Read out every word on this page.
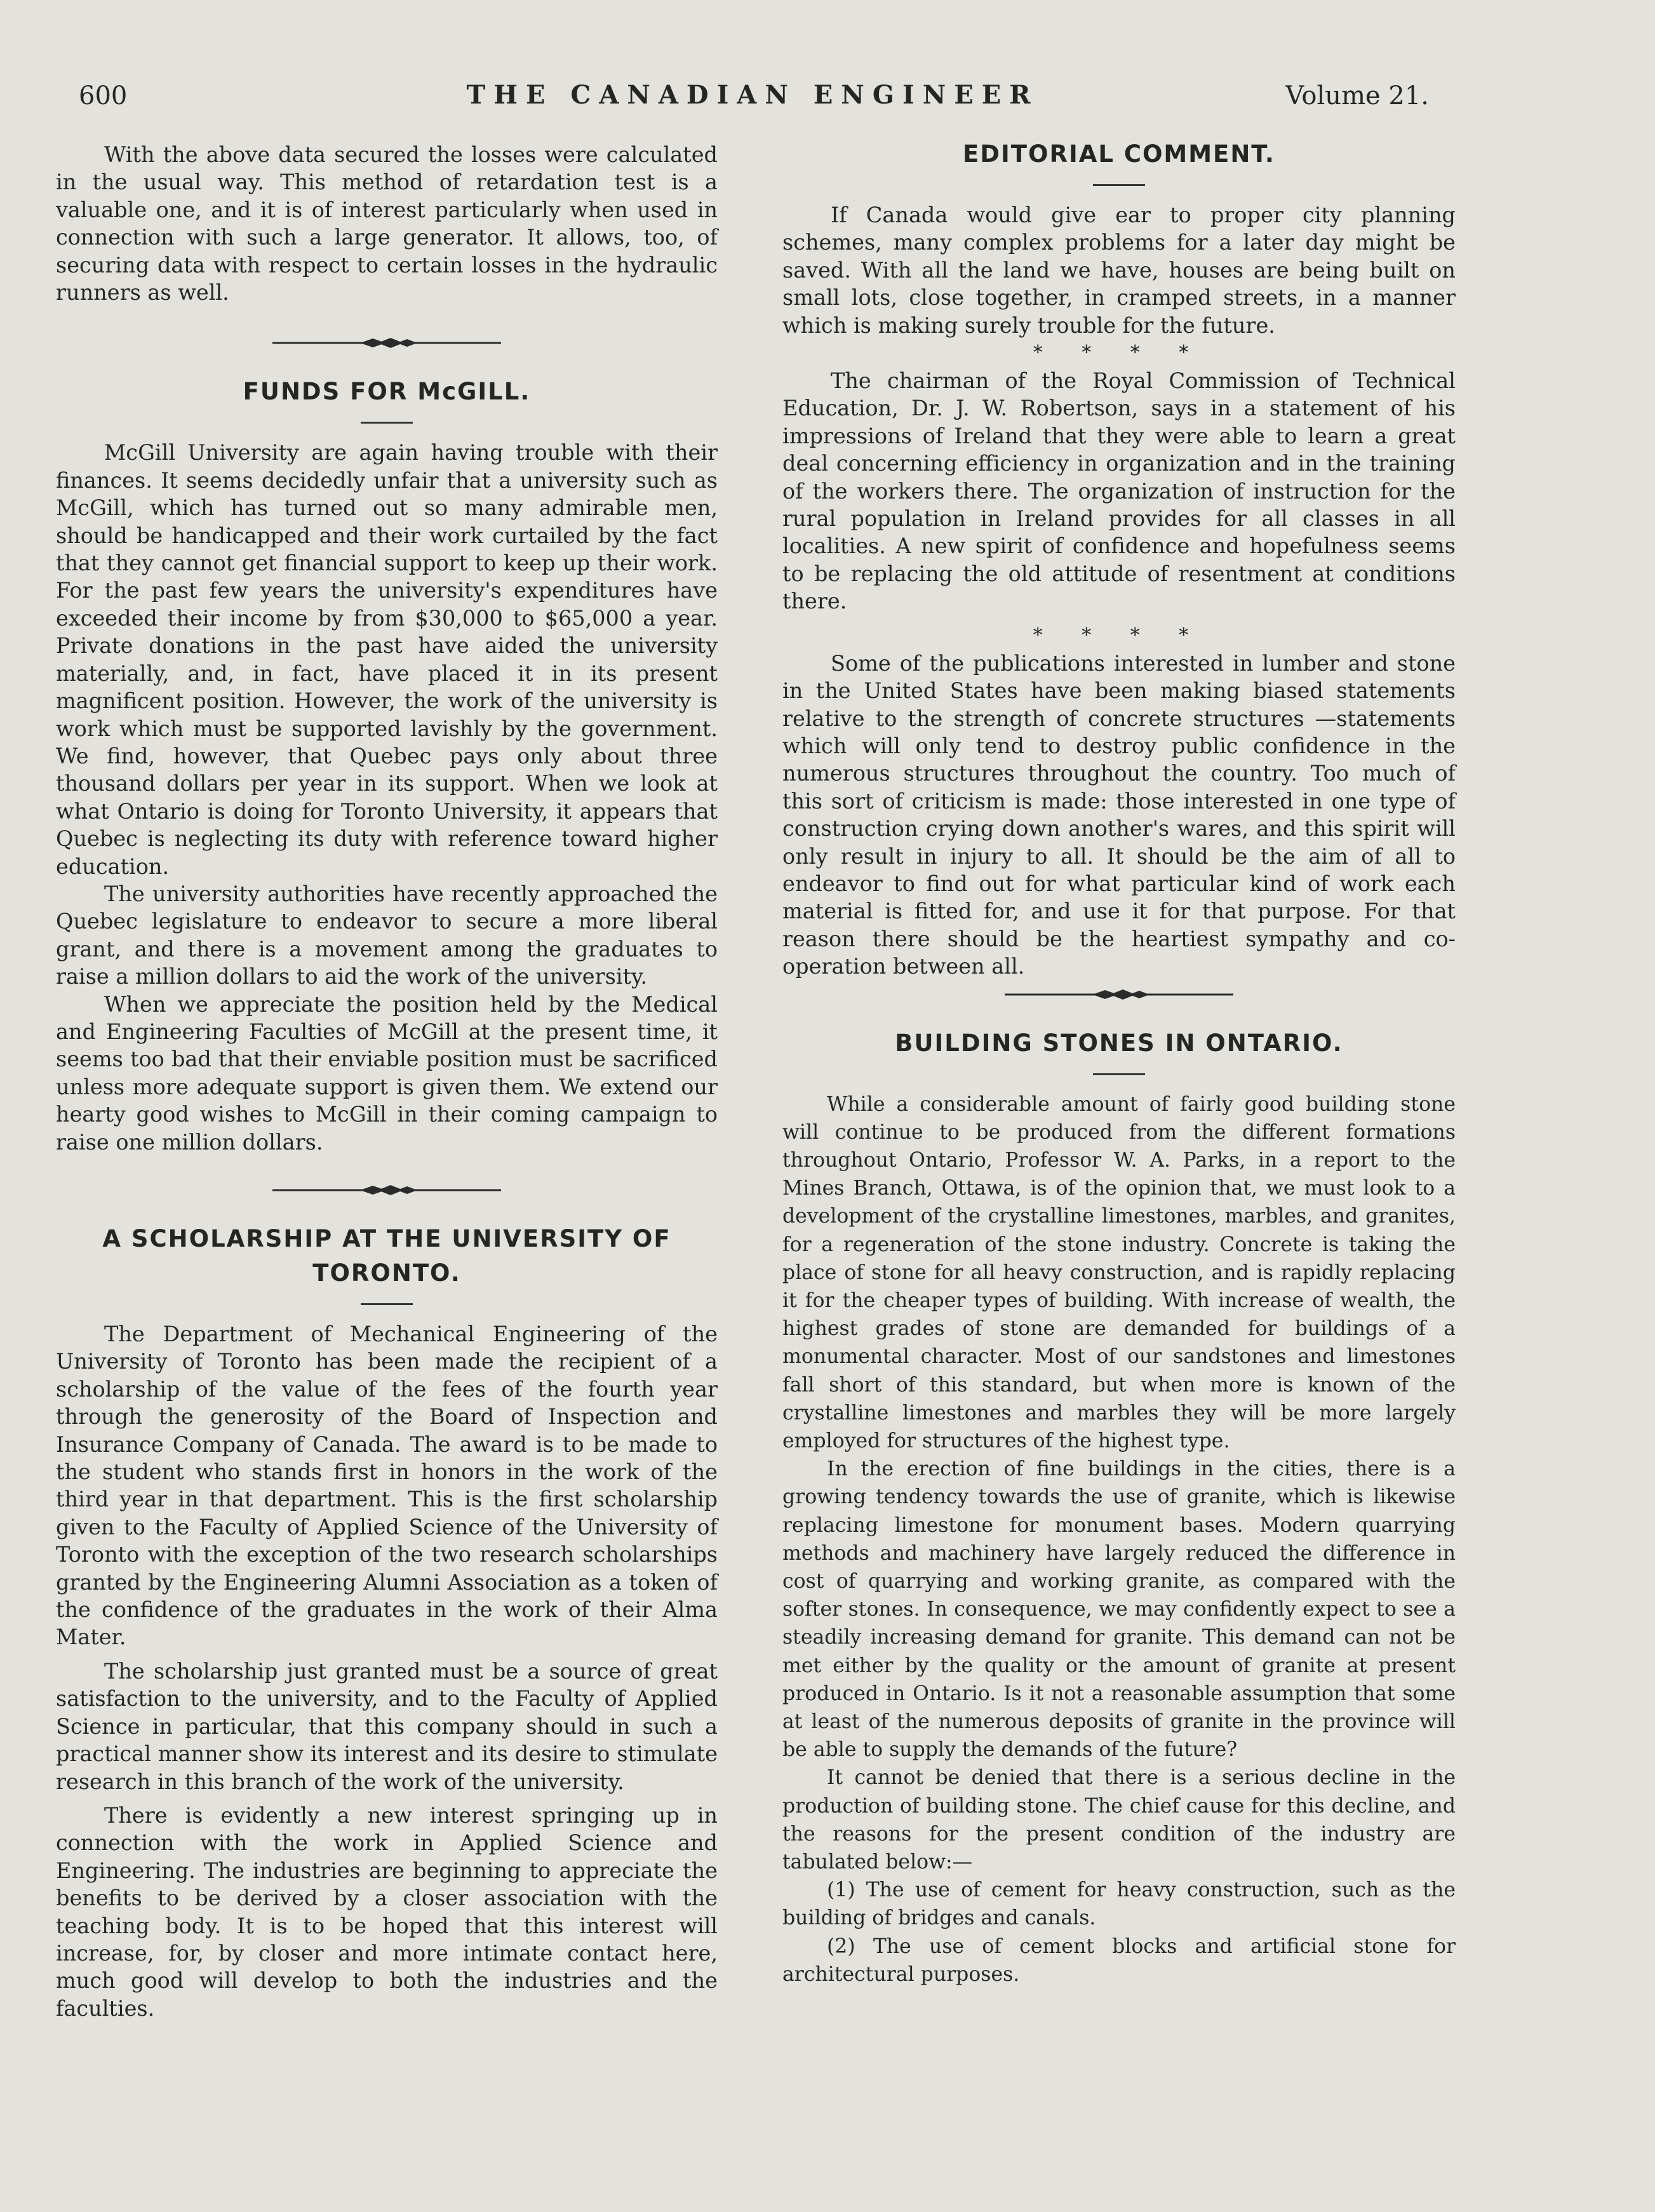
600	THE CANADIAN ENGINEER	Volume 21.

With the above data secured the losses were calculated in the usual way. This method of retardation test is a valuable one, and it is of interest particularly when used in connection with such a large generator. It allows, too, of securing data with respect to certain losses in the hydraulic runners as well.

FUNDS FOR McGILL.

McGill University are again having trouble with their finances. It seems decidedly unfair that a university such as McGill, which has turned out so many admirable men, should be handicapped and their work curtailed by the fact that they cannot get financial support to keep up their work. For the past few years the university's expenditures have exceeded their income by from $30,000 to $65,000 a year. Private donations in the past have aided the university materially, and, in fact, have placed it in its present magnificent position. However, the work of the university is work which must be supported lavishly by the government. We find, however, that Quebec pays only about three thousand dollars per year in its support. When we look at what Ontario is doing for Toronto University, it appears that Quebec is neglecting its duty with reference toward higher education.

The university authorities have recently approached the Quebec legislature to endeavor to secure a more liberal grant, and there is a movement among the graduates to raise a million dollars to aid the work of the university.

When we appreciate the position held by the Medical and Engineering Faculties of McGill at the present time, it seems too bad that their enviable position must be sacrificed unless more adequate support is given them. We extend our hearty good wishes to McGill in their coming campaign to raise one million dollars.

A SCHOLARSHIP AT THE UNIVERSITY OF TORONTO.

The Department of Mechanical Engineering of the University of Toronto has been made the recipient of a scholarship of the value of the fees of the fourth year through the generosity of the Board of Inspection and Insurance Company of Canada. The award is to be made to the student who stands first in honors in the work of the third year in that department. This is the first scholarship given to the Faculty of Applied Science of the University of Toronto with the exception of the two research scholarships granted by the Engineering Alumni Association as a token of the confidence of the graduates in the work of their Alma Mater.

The scholarship just granted must be a source of great satisfaction to the university, and to the Faculty of Applied Science in particular, that this company should in such a practical manner show its interest and its desire to stimulate research in this branch of the work of the university.

There is evidently a new interest springing up in connection with the work in Applied Science and Engineering. The industries are beginning to appreciate the benefits to be derived by a closer association with the teaching body. It is to be hoped that this interest will increase, for, by closer and more intimate contact here, much good will develop to both the industries and the faculties.

EDITORIAL COMMENT.

If Canada would give ear to proper city planning schemes, many complex problems for a later day might be saved. With all the land we have, houses are being built on small lots, close together, in cramped streets, in a manner which is making surely trouble for the future.

* * * *

The chairman of the Royal Commission of Technical Education, Dr. J. W. Robertson, says in a statement of his impressions of Ireland that they were able to learn a great deal concerning efficiency in organization and in the training of the workers there. The organization of instruction for the rural population in Ireland provides for all classes in all localities. A new spirit of confidence and hopefulness seems to be replacing the old attitude of resentment at conditions there.

* * * *

Some of the publications interested in lumber and stone in the United States have been making biased statements relative to the strength of concrete structures —statements which will only tend to destroy public confidence in the numerous structures throughout the country. Too much of this sort of criticism is made: those interested in one type of construction crying down another's wares, and this spirit will only result in injury to all. It should be the aim of all to endeavor to find out for what particular kind of work each material is fitted for, and use it for that purpose. For that reason there should be the heartiest sympathy and co-operation between all.

BUILDING STONES IN ONTARIO.

While a considerable amount of fairly good building stone will continue to be produced from the different formations throughout Ontario, Professor W. A. Parks, in a report to the Mines Branch, Ottawa, is of the opinion that, we must look to a development of the crystalline limestones, marbles, and granites, for a regeneration of the stone industry. Concrete is taking the place of stone for all heavy construction, and is rapidly replacing it for the cheaper types of building. With increase of wealth, the highest grades of stone are demanded for buildings of a monumental character. Most of our sandstones and limestones fall short of this standard, but when more is known of the crystalline limestones and marbles they will be more largely employed for structures of the highest type.

In the erection of fine buildings in the cities, there is a growing tendency towards the use of granite, which is likewise replacing limestone for monument bases. Modern quarrying methods and machinery have largely reduced the difference in cost of quarrying and working granite, as compared with the softer stones. In consequence, we may confidently expect to see a steadily increasing demand for granite. This demand can not be met either by the quality or the amount of granite at present produced in Ontario. Is it not a reasonable assumption that some at least of the numerous deposits of granite in the province will be able to supply the demands of the future?

It cannot be denied that there is a serious decline in the production of building stone. The chief cause for this decline, and the reasons for the present condition of the industry are tabulated below:—

(1) The use of cement for heavy construction, such as the building of bridges and canals.

(2) The use of cement blocks and artificial stone for architectural purposes.
